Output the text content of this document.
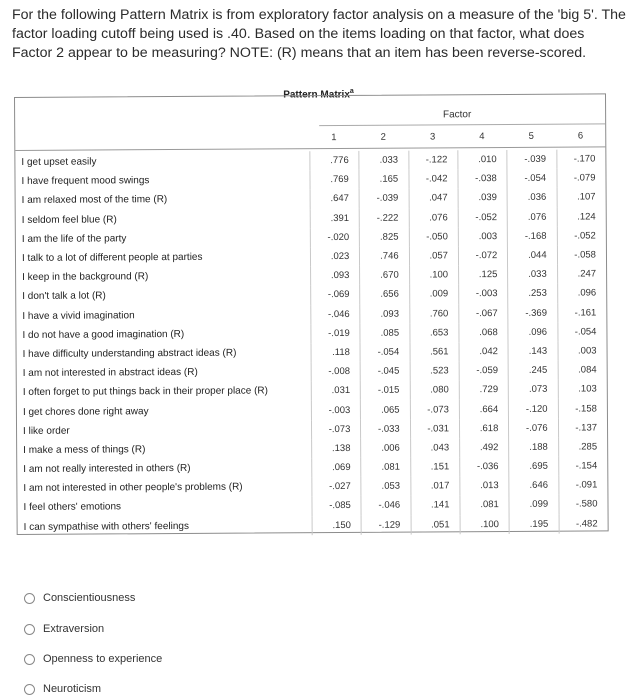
For the following Pattern Matrix is from exploratory factor analysis on a measure of the 'big 5'. The factor loading cutoff being used is .40. Based on the items loading on that factor, what does Factor 2 appear to be measuring? NOTE: (R) means that an item has been reverse-scored.

Pattern Matrix$^a$
Factor
1	2	3	4	5	6
I get upset easily	.776	.033	-.122	.010	-.039	-.170
I have frequent mood swings	.769	.165	-.042	-.038	-.054	-.079
I am relaxed most of the time (R)	.647	-.039	.047	.039	.036	.107
I seldom feel blue (R)	.391	-.222	.076	-.052	.076	.124
I am the life of the party	-.020	.825	-.050	.003	-.168	-.052
I talk to a lot of different people at parties	.023	.746	.057	-.072	.044	-.058
I keep in the background (R)	.093	.670	.100	.125	.033	.247
I don't talk a lot (R)	-.069	.656	.009	-.003	.253	.096
I have a vivid imagination	-.046	.093	.760	-.067	-.369	-.161
I do not have a good imagination (R)	-.019	.085	.653	.068	.096	-.054
I have difficulty understanding abstract ideas (R)	.118	-.054	.561	.042	.143	.003
I am not interested in abstract ideas (R)	-.008	-.045	.523	-.059	.245	.084
I often forget to put things back in their proper place (R)	.031	-.015	.080	.729	.073	.103
I get chores done right away	-.003	.065	-.073	.664	-.120	-.158
I like order	-.073	-.033	-.031	.618	-.076	-.137
I make a mess of things (R)	.138	.006	.043	.492	.188	.285
I am not really interested in others (R)	.069	.081	.151	-.036	.695	-.154
I am not interested in other people's problems (R)	-.027	.053	.017	.013	.646	-.091
I feel others' emotions	-.085	-.046	.141	.081	.099	-.580
I can sympathise with others' feelings	.150	-.129	.051	.100	.195	-.482
Conscientiousness
Extraversion
Openness to experience
Neuroticism
